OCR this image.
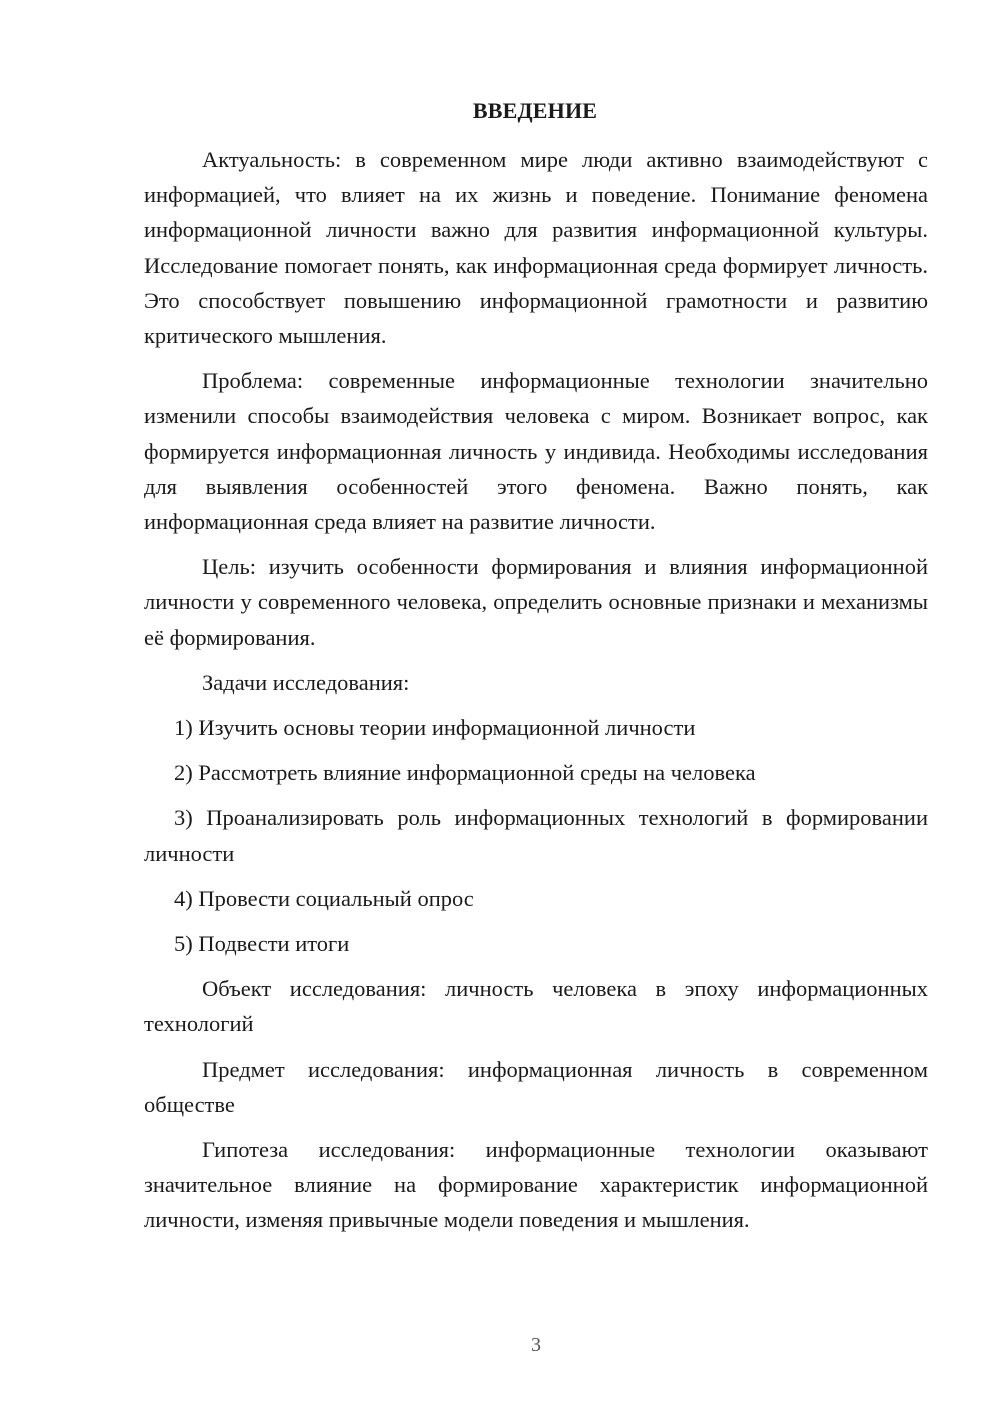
ВВЕДЕНИЕ

Актуальность: в современном мире люди активно взаимодействуют с информацией, что влияет на их жизнь и поведение. Понимание феномена информационной личности важно для развития информационной культуры. Исследование помогает понять, как информационная среда формирует личность. Это способствует повышению информационной грамотности и развитию критического мышления.

Проблема: современные информационные технологии значительно изменили способы взаимодействия человека с миром. Возникает вопрос, как формируется информационная личность у индивида. Необходимы исследования для выявления особенностей этого феномена. Важно понять, как информационная среда влияет на развитие личности.

Цель: изучить особенности формирования и влияния информационной личности у современного человека, определить основные признаки и механизмы её формирования.

Задачи исследования:

1) Изучить основы теории информационной личности

2) Рассмотреть влияние информационной среды на человека

3) Проанализировать роль информационных технологий в формировании личности

4) Провести социальный опрос

5) Подвести итоги

Объект исследования: личность человека в эпоху информационных технологий

Предмет исследования: информационная личность в современном обществе

Гипотеза исследования: информационные технологии оказывают значительное влияние на формирование характеристик информационной личности, изменяя привычные модели поведения и мышления.

3
